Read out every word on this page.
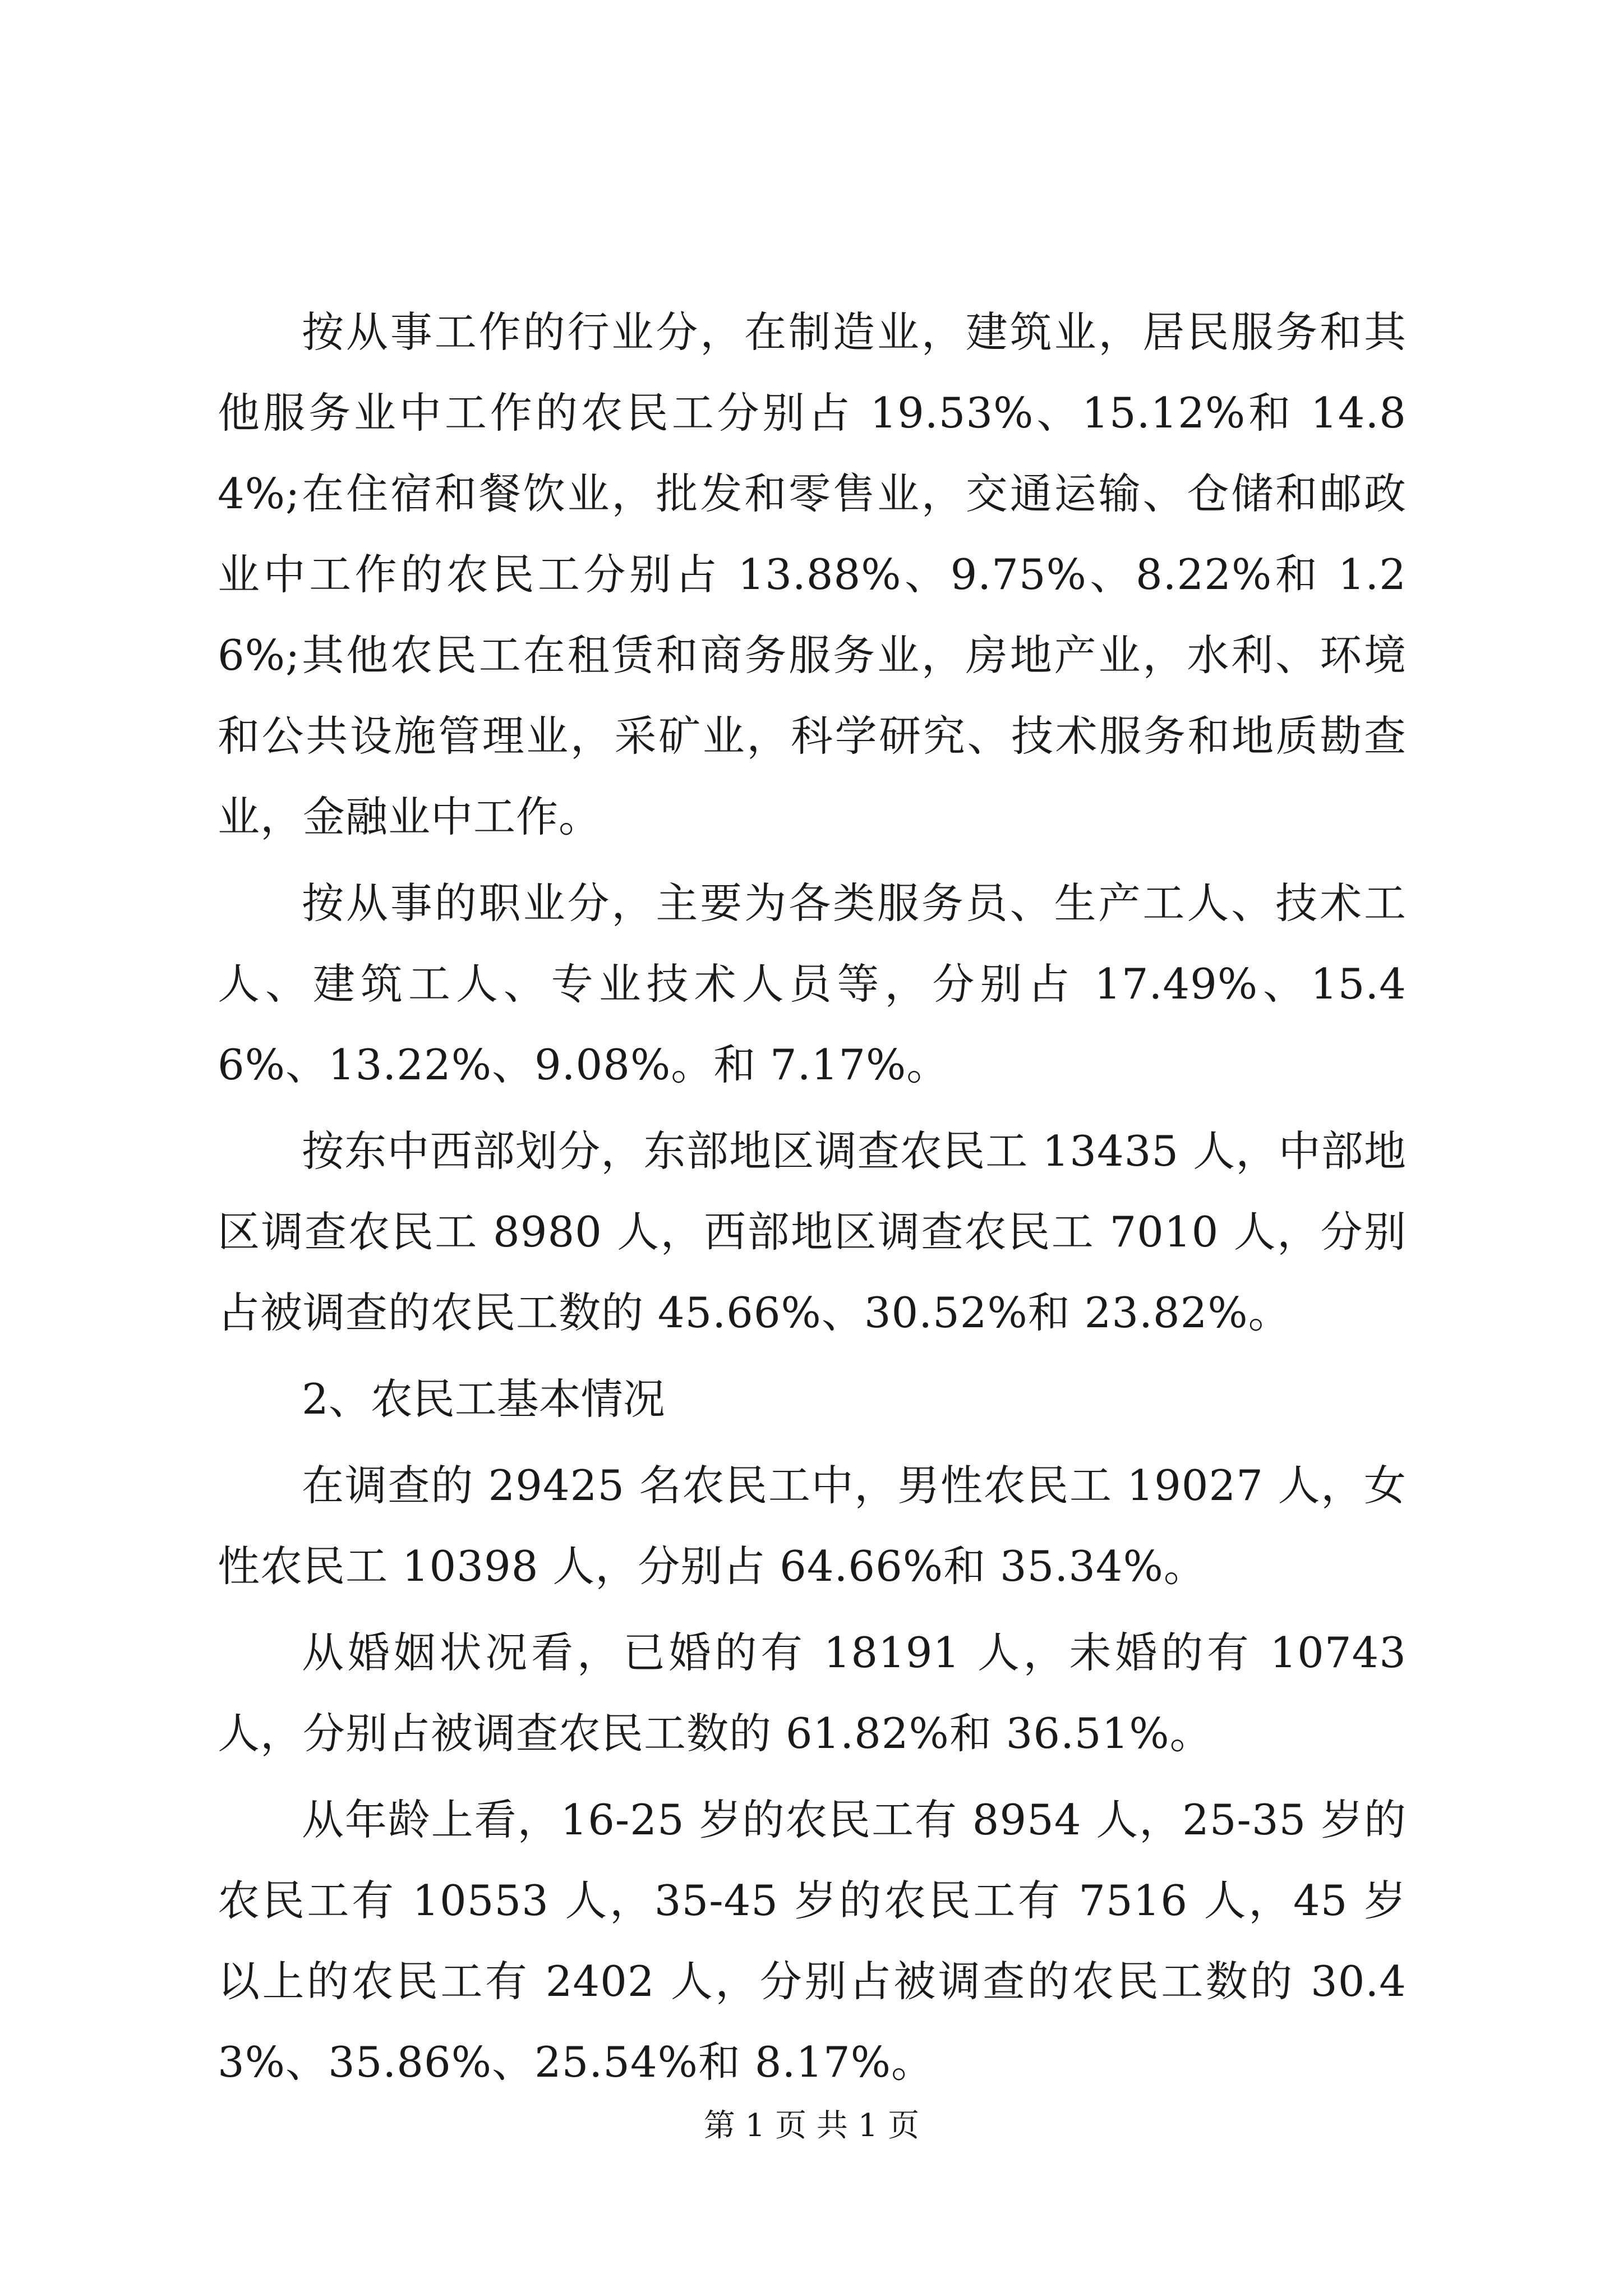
按从事工作的行业分，在制造业，建筑业，居民服务和其他服务业中工作的农民工分别占 19.53%、15.12%和 14.84%;在住宿和餐饮业，批发和零售业，交通运输、仓储和邮政业中工作的农民工分别占 13.88%、9.75%、8.22%和 1.26%;其他农民工在租赁和商务服务业，房地产业，水利、环境和公共设施管理业，采矿业，科学研究、技术服务和地质勘查业，金融业中工作。

按从事的职业分，主要为各类服务员、生产工人、技术工人、建筑工人、专业技术人员等，分别占 17.49%、15.46%、13.22%、9.08%。和 7.17%。

按东中西部划分，东部地区调查农民工 13435 人，中部地区调查农民工 8980 人，西部地区调查农民工 7010 人，分别占被调查的农民工数的 45.66%、30.52%和 23.82%。

2、农民工基本情况

在调查的 29425 名农民工中，男性农民工 19027 人，女性农民工 10398 人，分别占 64.66%和 35.34%。

从婚姻状况看，已婚的有 18191 人，未婚的有 10743 人，分别占被调查农民工数的 61.82%和 36.51%。

从年龄上看，16-25 岁的农民工有 8954 人，25-35 岁的农民工有 10553 人，35-45 岁的农民工有 7516 人，45 岁以上的农民工有 2402 人，分别占被调查的农民工数的 30.43%、35.86%、25.54%和 8.17%。

第 1 页 共 1 页
